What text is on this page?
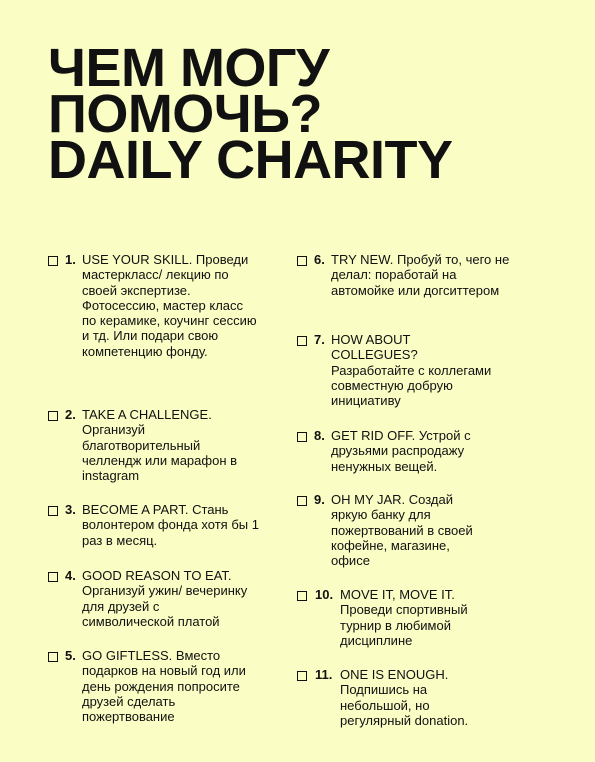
ЧЕМ МОГУ
ПОМОЧЬ?
DAILY CHARITY
1. USE YOUR SKILL. Проведи мастеркласс/ лекцию по своей экспертизе. Фотосессию, мастер класс по керамике, коучинг сессию и тд. Или подари свою компетенцию фонду.
2. TAKE A CHALLENGE.
Организуй благотворительный челлендж или марафон в instagram
3. BECOME A PART. Стань волонтером фонда хотя бы 1 раз в месяц.
4. GOOD REASON TO EAT.
Организуй ужин/ вечеринку для друзей с символической платой
5. GO GIFTLESS. Вместо подарков на новый год или день рождения попросите друзей сделать пожертвование
6. TRY NEW. Пробуй то, чего не делал: поработай на автомойке или догситтером
7. HOW ABOUT COLLEGUES?
Разработайте с коллегами совместную добрую инициативу
8. GET RID OFF. Устрой с друзьями распродажу ненужных вещей.
9. OH MY JAR. Создай яркую банку для пожертвований в своей кофейне, магазине, офисе
10. MOVE IT, MOVE IT.
Проведи спортивный турнир в любимой дисциплине
11. ONE IS ENOUGH.
Подпишись на небольшой, но регулярный donation.
